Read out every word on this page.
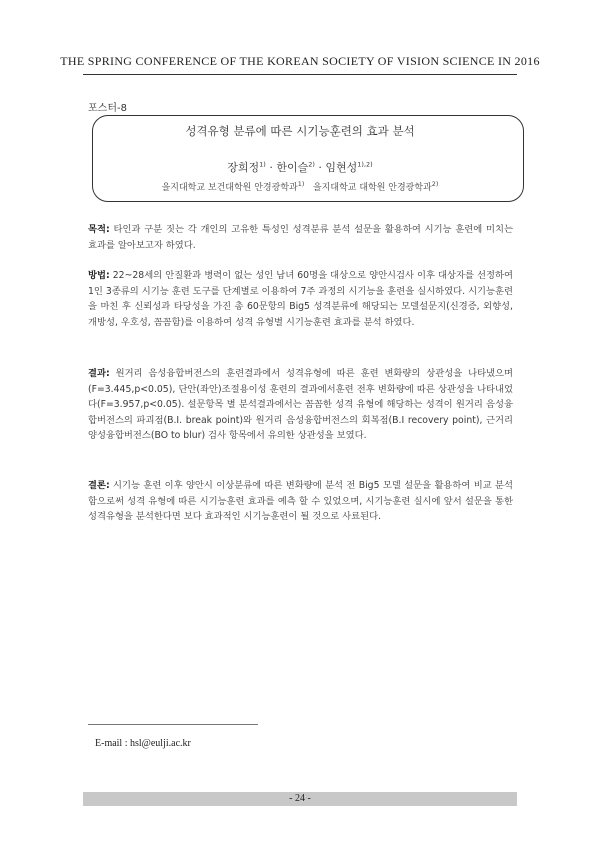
THE SPRING CONFERENCE OF THE KOREAN SOCIETY OF VISION SCIENCE IN 2016
포스터-8
성격유형 분류에 따른 시기능훈련의 효과 분석
장희정$^{1)}$ · 한이슬$^{2)}$ · 임현성$^{1),2)}$
을지대학교 보건대학원 안경광학과$^{1)}$ 을지대학교 대학원 안경광학과$^{2)}$
목적: 타인과 구분 짓는 각 개인의 고유한 특성인 성격분류 분석 설문을 활용하여 시기능 훈련에 미치는 효과를 알아보고자 하였다.
방법: 22~28세의 안질환과 병력이 없는 성인 남녀 60명을 대상으로 양안시검사 이후 대상자를 선정하여 1인 3종류의 시기능 훈련 도구를 단계별로 이용하여 7주 과정의 시기능을 훈련을 실시하였다. 시기능훈련을 마친 후 신뢰성과 타당성을 가진 총 60문항의 Big5 성격분류에 해당되는 모델설문지(신경증, 외향성, 개방성, 우호성, 꼼꼼함)를 이용하여 성격 유형별 시기능훈련 효과를 분석 하였다.
결과: 원거리 음성융합버전스의 훈련결과에서 성격유형에 따른 훈련 변화량의 상관성을 나타냈으며(F=3.445,p<0.05), 단안(좌안)조절용이성 훈련의 결과에서훈련 전후 변화량에 따른 상관성을 나타내었다(F=3.957,p<0.05). 설문항목 별 분석결과에서는 꼼꼼한 성격 유형에 해당하는 성격이 원거리 음성융합버전스의 파괴점(B.I. break point)와 원거리 음성융합버전스의 회복점(B.I recovery point), 근거리 양성융합버전스(BO to blur) 검사 항목에서 유의한 상관성을 보였다.
결론: 시기능 훈련 이후 양안시 이상분류에 따른 변화량에 분석 전 Big5 모델 설문을 활용하여 비교 분석 함으로써 성격 유형에 따른 시기능훈련 효과를 예측 할 수 있었으며, 시기능훈련 실시에 앞서 설문을 통한 성격유형을 분석한다면 보다 효과적인 시기능훈련이 될 것으로 사료된다.
E-mail : hsl@eulji.ac.kr
- 24 -
